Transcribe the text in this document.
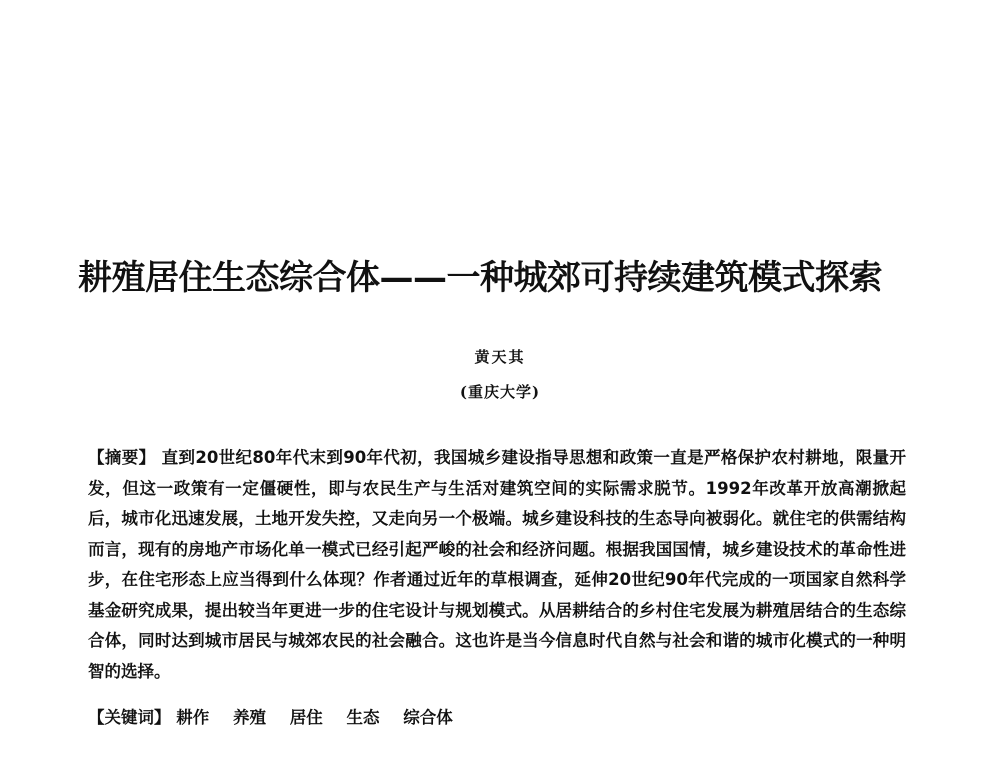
耕殖居住生态综合体——一种城郊可持续建筑模式探索
黄天其
(重庆大学)

【摘要】 直到20世纪80年代末到90年代初，我国城乡建设指导思想和政策一直是严格保护农村耕地，限量开发，但这一政策有一定僵硬性，即与农民生产与生活对建筑空间的实际需求脱节。1992年改革开放高潮掀起后，城市化迅速发展，土地开发失控，又走向另一个极端。城乡建设科技的生态导向被弱化。就住宅的供需结构而言，现有的房地产市场化单一模式已经引起严峻的社会和经济问题。根据我国国情，城乡建设技术的革命性进步，在住宅形态上应当得到什么体现？作者通过近年的草根调查，延伸20世纪90年代完成的一项国家自然科学基金研究成果，提出较当年更进一步的住宅设计与规划模式。从居耕结合的乡村住宅发展为耕殖居结合的生态综合体，同时达到城市居民与城郊农民的社会融合。这也许是当今信息时代自然与社会和谐的城市化模式的一种明智的选择。

【关键词】 耕作 养殖 居住 生态 综合体
